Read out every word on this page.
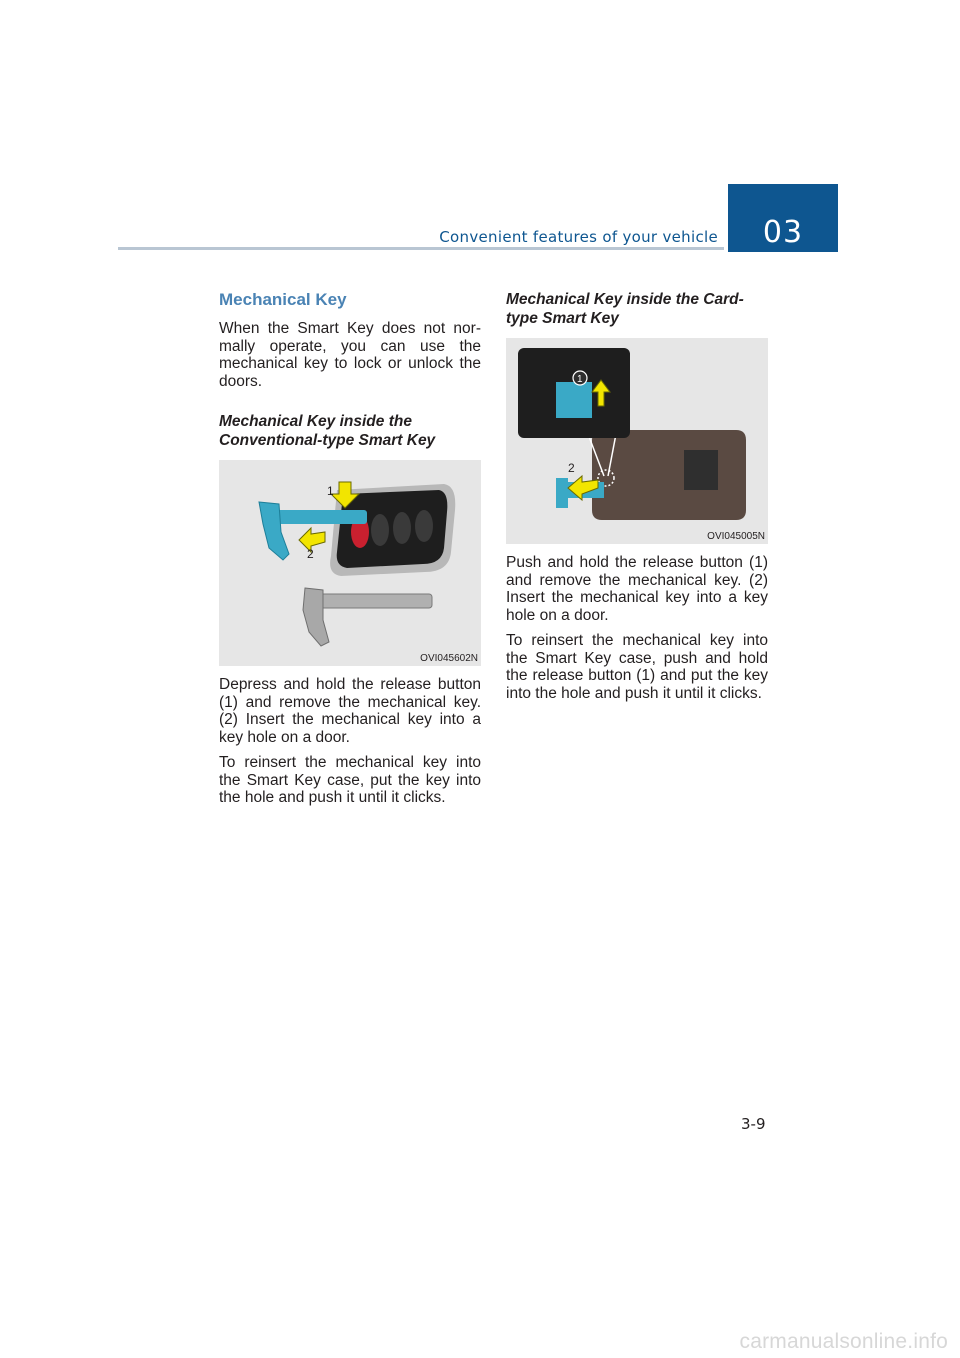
Convenient features of your vehicle	03
Mechanical Key

When the Smart Key does not nor-mally operate, you can use the mechanical key to lock or unlock the doors.

Mechanical Key inside the Conventional-type Smart Key
1
2
OVI045602N

Depress and hold the release button (1) and remove the mechanical key. (2) Insert the mechanical key into a key hole on a door.

To reinsert the mechanical key into the Smart Key case, put the key into the hole and push it until it clicks.

Mechanical Key inside the Card-type Smart Key
1
2
OVI045005N

Push and hold the release button (1) and remove the mechanical key. (2) Insert the mechanical key into a key hole on a door.

To reinsert the mechanical key into the Smart Key case, push and hold the release button (1) and put the key into the hole and push it until it clicks.

3-9
carmanualsonline.info
